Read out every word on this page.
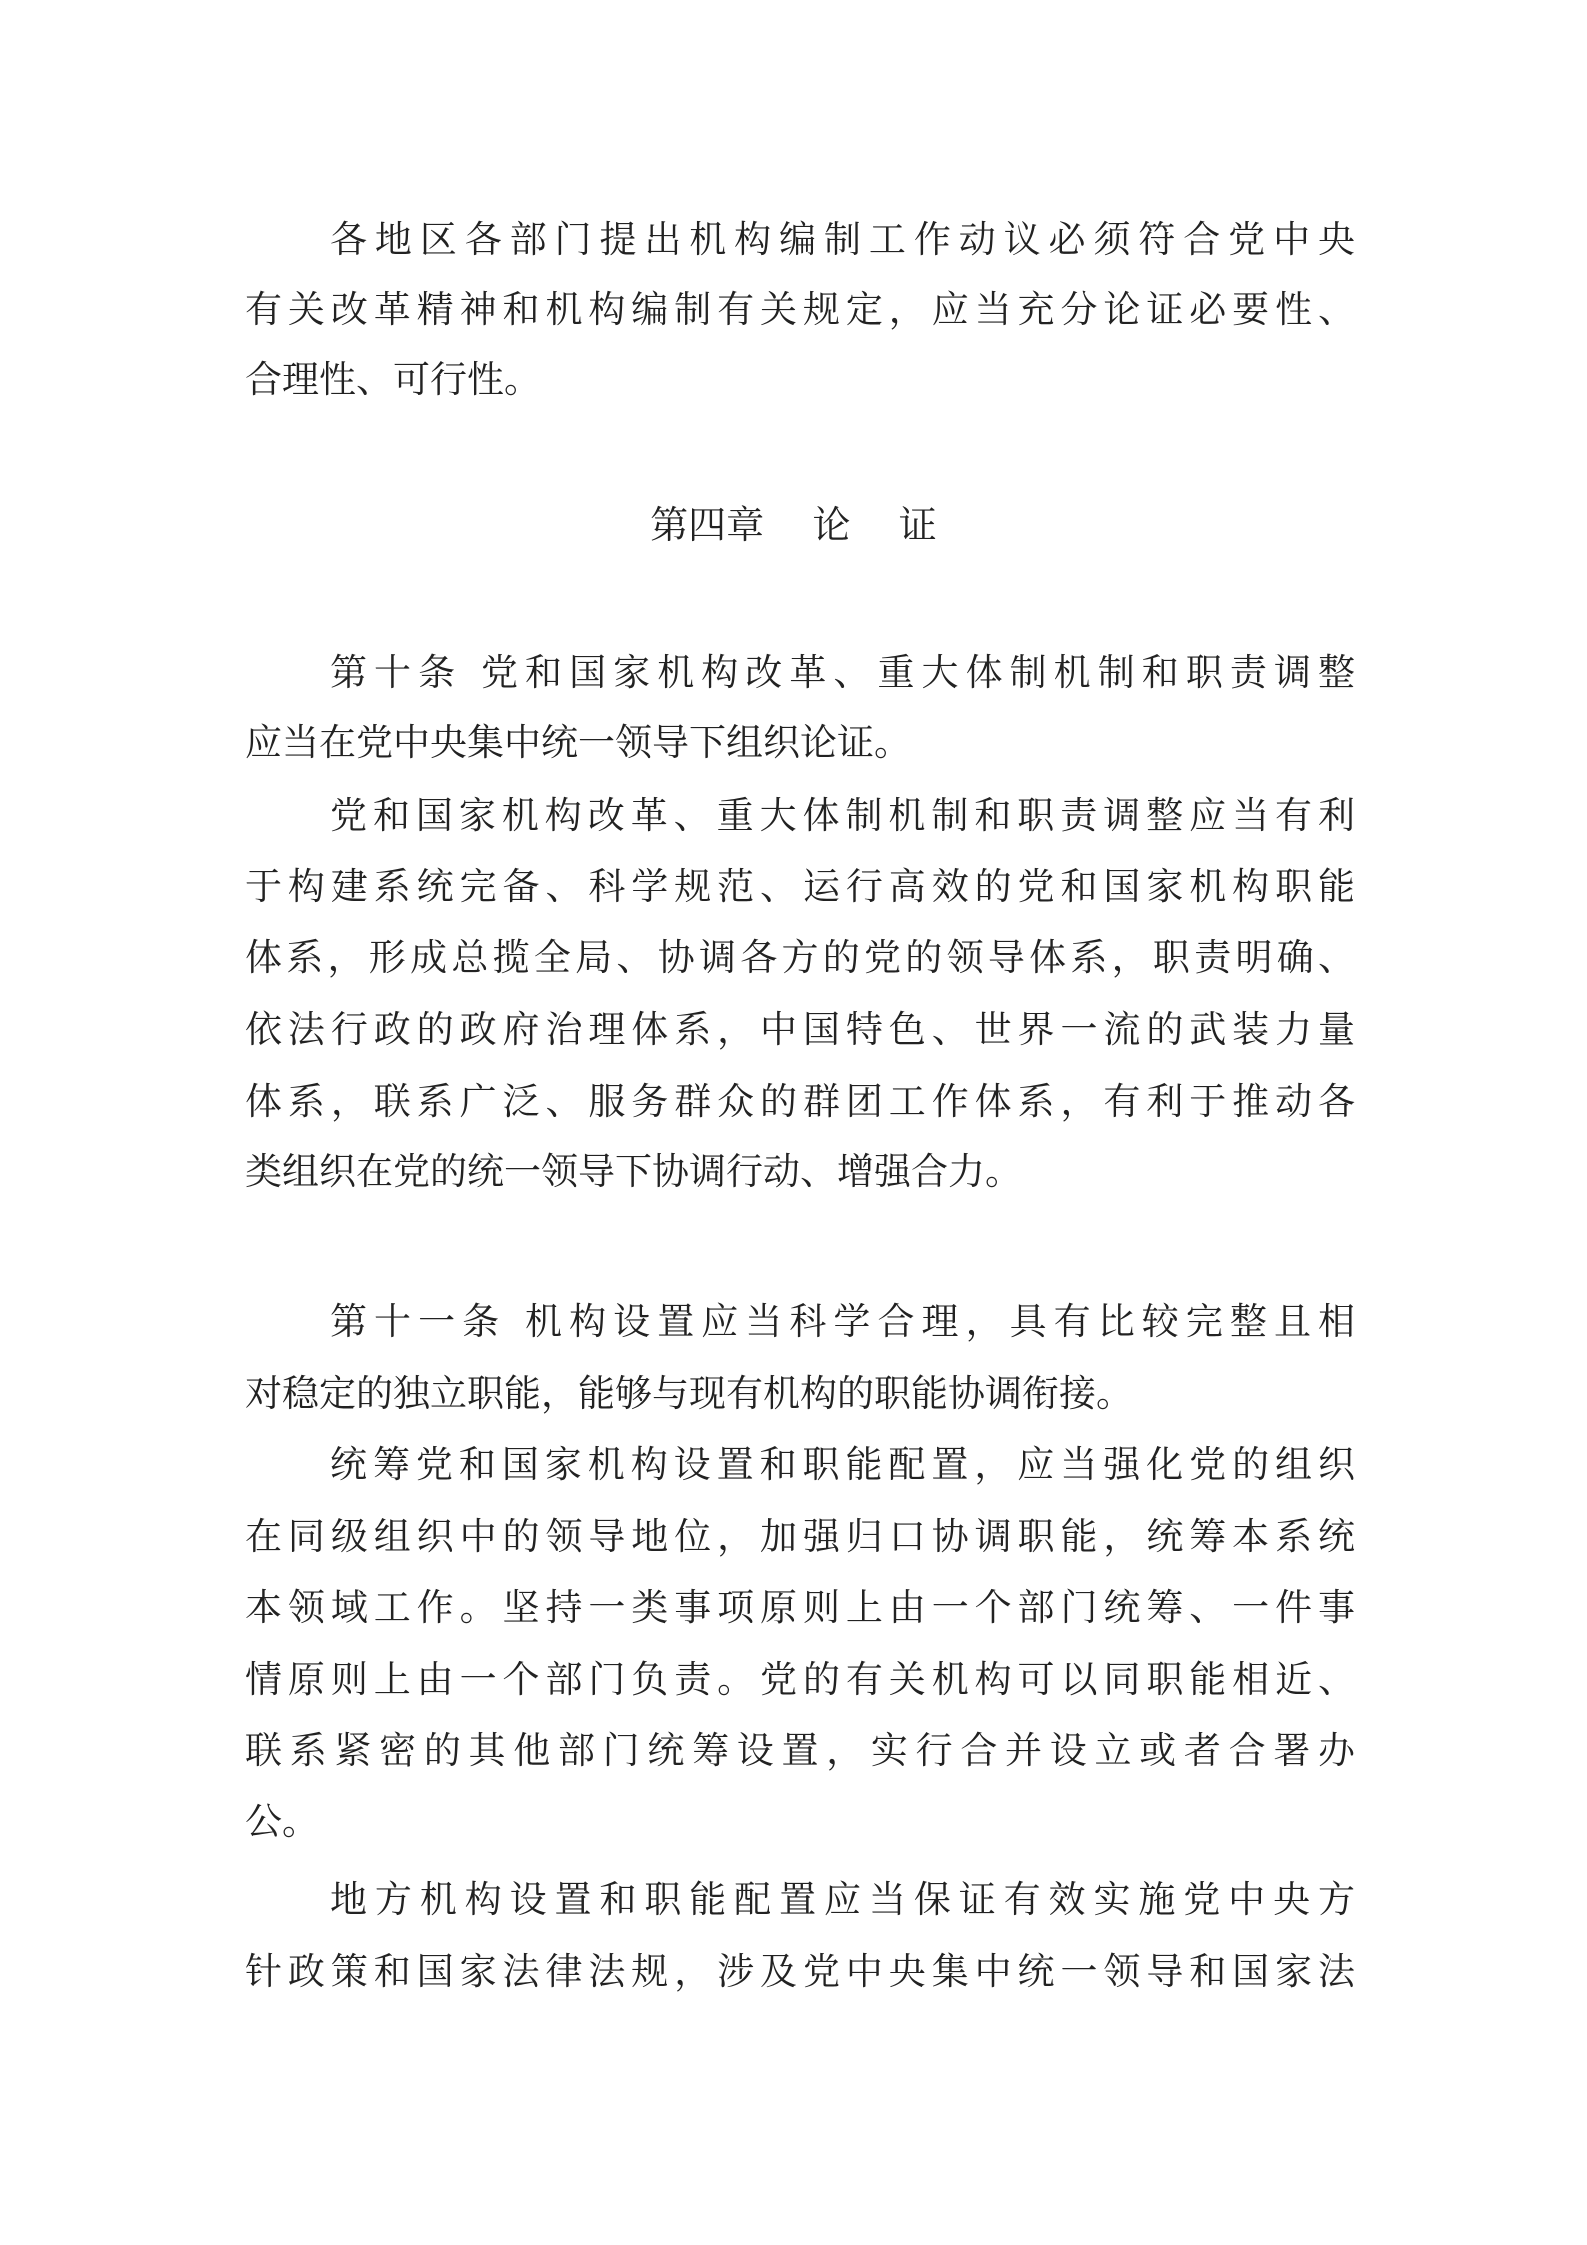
各地区各部门提出机构编制工作动议必须符合党中央
有关改革精神和机构编制有关规定，应当充分论证必要性、
合理性、可行性。
第四章    论    证
第十条 党和国家机构改革、重大体制机制和职责调整
应当在党中央集中统一领导下组织论证。
党和国家机构改革、重大体制机制和职责调整应当有利
于构建系统完备、科学规范、运行高效的党和国家机构职能
体系，形成总揽全局、协调各方的党的领导体系，职责明确、
依法行政的政府治理体系，中国特色、世界一流的武装力量
体系，联系广泛、服务群众的群团工作体系，有利于推动各
类组织在党的统一领导下协调行动、增强合力。
第十一条 机构设置应当科学合理，具有比较完整且相
对稳定的独立职能，能够与现有机构的职能协调衔接。
统筹党和国家机构设置和职能配置，应当强化党的组织
在同级组织中的领导地位，加强归口协调职能，统筹本系统
本领域工作。坚持一类事项原则上由一个部门统筹、一件事
情原则上由一个部门负责。党的有关机构可以同职能相近、
联系紧密的其他部门统筹设置，实行合并设立或者合署办
公。
地方机构设置和职能配置应当保证有效实施党中央方
针政策和国家法律法规，涉及党中央集中统一领导和国家法
